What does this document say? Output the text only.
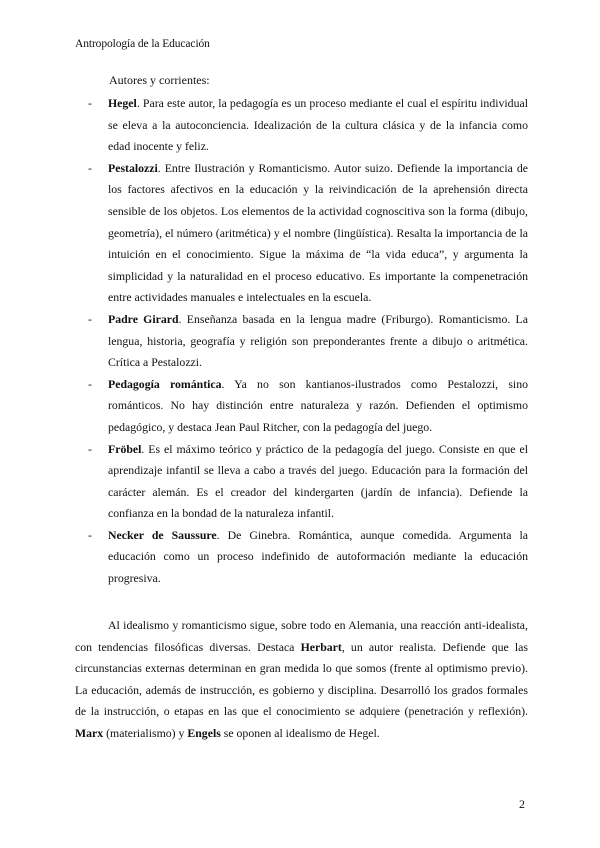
Antropología de la Educación
Autores y corrientes:
- Hegel. Para este autor, la pedagogía es un proceso mediante el cual el espíritu individual se eleva a la autoconciencia. Idealización de la cultura clásica y de la infancia como edad inocente y feliz.
- Pestalozzi. Entre Ilustración y Romanticismo. Autor suizo. Defiende la importancia de los factores afectivos en la educación y la reivindicación de la aprehensión directa sensible de los objetos. Los elementos de la actividad cognoscitiva son la forma (dibujo, geometría), el número (aritmética) y el nombre (lingüística). Resalta la importancia de la intuición en el conocimiento. Sigue la máxima de “la vida educa”, y argumenta la simplicidad y la naturalidad en el proceso educativo. Es importante la compenetración entre actividades manuales e intelectuales en la escuela.
- Padre Girard. Enseñanza basada en la lengua madre (Friburgo). Romanticismo. La lengua, historia, geografía y religión son preponderantes frente a dibujo o aritmética. Crítica a Pestalozzi.
- Pedagogía romántica. Ya no son kantianos-ilustrados como Pestalozzi, sino románticos. No hay distinción entre naturaleza y razón. Defienden el optimismo pedagógico, y destaca Jean Paul Ritcher, con la pedagogía del juego.
- Fröbel. Es el máximo teórico y práctico de la pedagogía del juego. Consiste en que el aprendizaje infantil se lleva a cabo a través del juego. Educación para la formación del carácter alemán. Es el creador del kindergarten (jardín de infancia). Defiende la confianza en la bondad de la naturaleza infantil.
- Necker de Saussure. De Ginebra. Romántica, aunque comedida. Argumenta la educación como un proceso indefinido de autoformación mediante la educación progresiva.

Al idealismo y romanticismo sigue, sobre todo en Alemania, una reacción anti-idealista, con tendencias filosóficas diversas. Destaca Herbart, un autor realista. Defiende que las circunstancias externas determinan en gran medida lo que somos (frente al optimismo previo). La educación, además de instrucción, es gobierno y disciplina. Desarrolló los grados formales de la instrucción, o etapas en las que el conocimiento se adquiere (penetración y reflexión). Marx (materialismo) y Engels se oponen al idealismo de Hegel.

2
